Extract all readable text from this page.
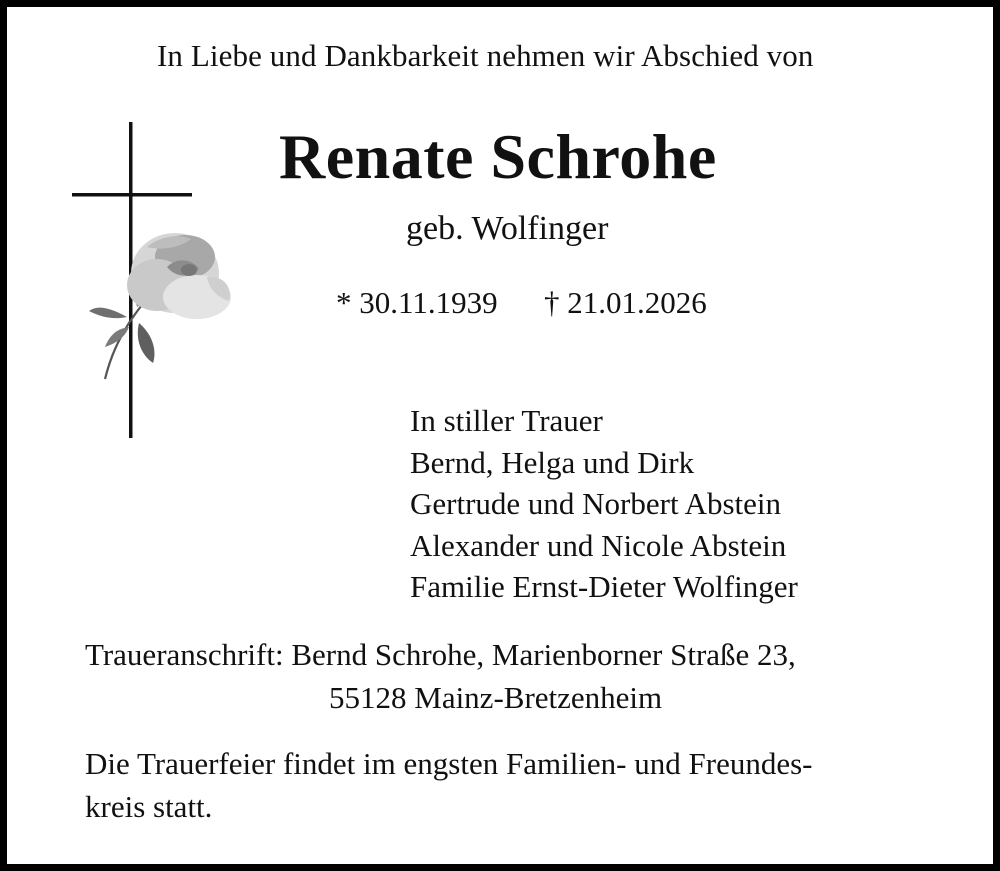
In Liebe und Dankbarkeit nehmen wir Abschied von
Renate Schrohe
geb. Wolfinger
* 30.11.1939 † 21.01.2026
In stiller Trauer
Bernd, Helga und Dirk
Gertrude und Norbert Abstein
Alexander und Nicole Abstein
Familie Ernst-Dieter Wolfinger
Traueranschrift: Bernd Schrohe, Marienborner Straße 23,
55128 Mainz-Bretzenheim
Die Trauerfeier findet im engsten Familien- und Freundes-
kreis statt.
